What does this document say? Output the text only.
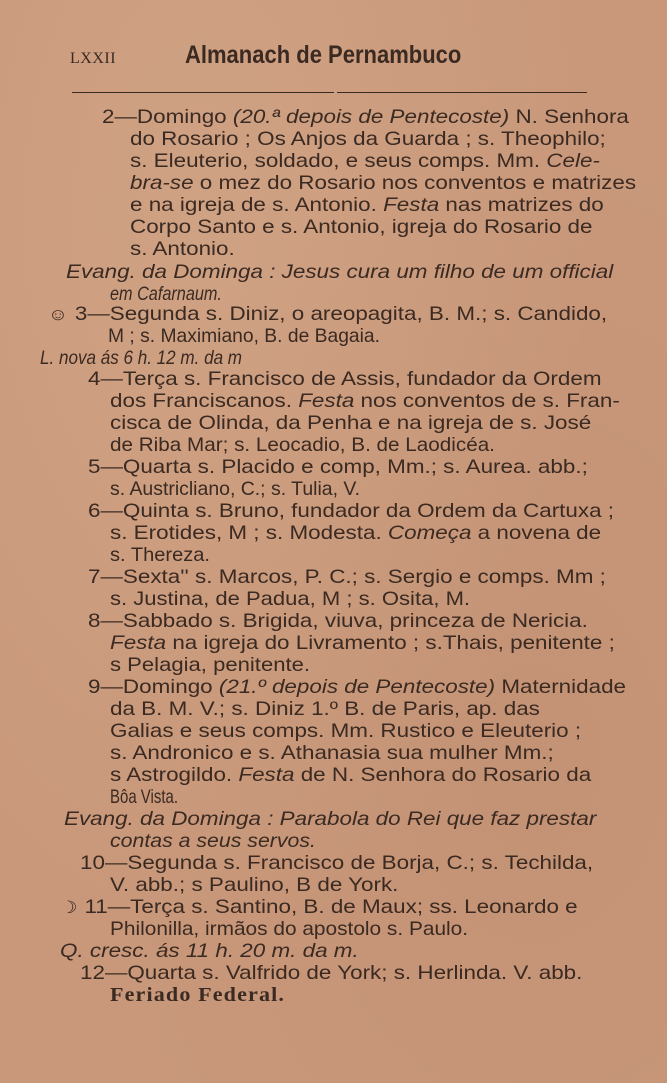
LXXII	Almanach de Pernambuco
2—Domingo (20.ª depois de Pentecoste) N. Senhora
do Rosario ; Os Anjos da Guarda ; s. Theophilo;
s. Eleuterio, soldado, e seus comps. Mm. Cele-
bra-se o mez do Rosario nos conventos e matrizes
e na igreja de s. Antonio. Festa nas matrizes do
Corpo Santo e s. Antonio, igreja do Rosario de
s. Antonio.
Evang. da Dominga : Jesus cura um filho de um official
em Cafarnaum.
☺ 3—Segunda s. Diniz, o areopagita, B. M.; s. Candido,
M ; s. Maximiano, B. de Bagaia.
L. nova ás 6 h. 12 m. da m
4—Terça s. Francisco de Assis, fundador da Ordem
dos Franciscanos. Festa nos conventos de s. Fran-
cisca de Olinda, da Penha e na igreja de s. José
de Riba Mar; s. Leocadio, B. de Laodicéa.
5—Quarta s. Placido e comp, Mm.; s. Aurea. abb.;
s. Austricliano, C.; s. Tulia, V.
6—Quinta s. Bruno, fundador da Ordem da Cartuxa ;
s. Erotides, M ; s. Modesta. Começa a novena de
s. Thereza.
7—Sexta'' s. Marcos, P. C.; s. Sergio e comps. Mm ;
s. Justina, de Padua, M ; s. Osita, M.
8—Sabbado s. Brigida, viuva, princeza de Nericia.
Festa na igreja do Livramento ; s.Thais, penitente ;
s Pelagia, penitente.
9—Domingo (21.º depois de Pentecoste) Maternidade
da B. M. V.; s. Diniz 1.º B. de Paris, ap. das
Galias e seus comps. Mm. Rustico e Eleuterio ;
s. Andronico e s. Athanasia sua mulher Mm.;
s Astrogildo. Festa de N. Senhora do Rosario da
Bôa Vista.
Evang. da Dominga : Parabola do Rei que faz prestar
contas a seus servos.
10—Segunda s. Francisco de Borja, C.; s. Techilda,
V. abb.; s Paulino, B de York.
☽ 11—Terça s. Santino, B. de Maux; ss. Leonardo e
Philonilla, irmãos do apostolo s. Paulo.
Q. cresc. ás 11 h. 20 m. da m.
12—Quarta s. Valfrido de York; s. Herlinda. V. abb.
Feriado Federal.
